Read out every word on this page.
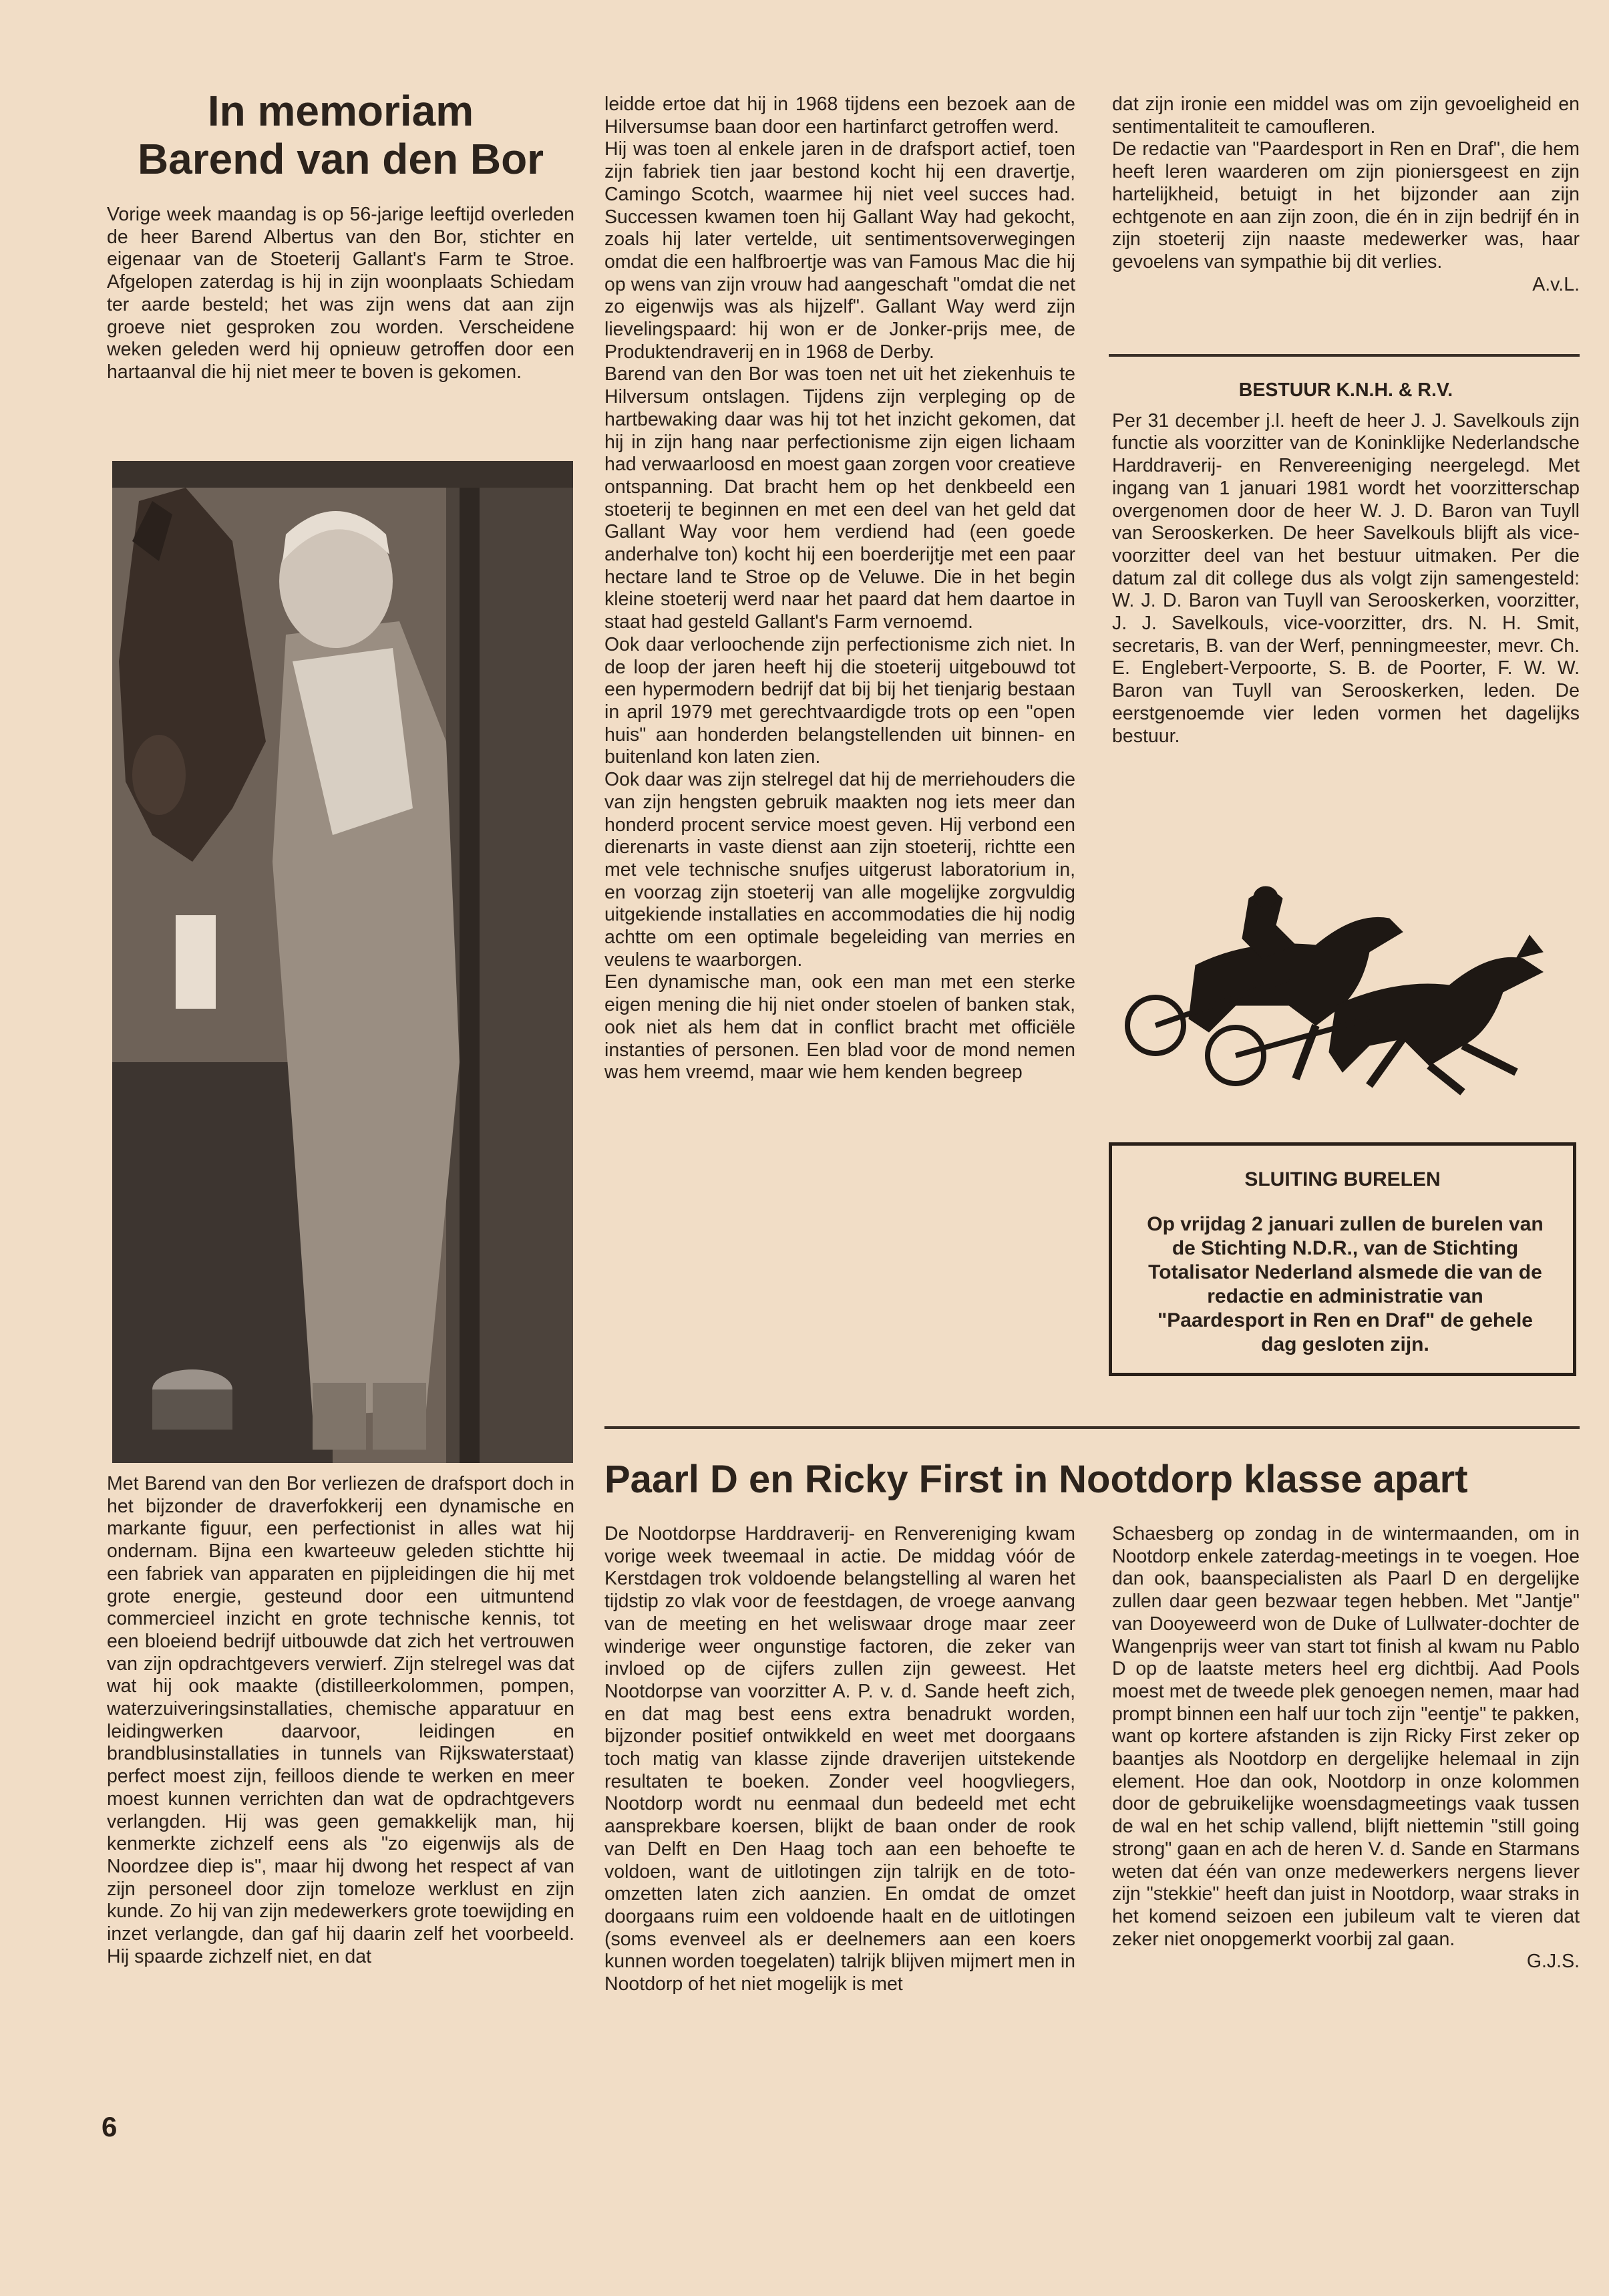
In memoriam
Barend van den Bor

Vorige week maandag is op 56-jarige leeftijd overleden de heer Barend Albertus van den Bor, stichter en eigenaar van de Stoeterij Gallant's Farm te Stroe. Afgelopen zaterdag is hij in zijn woonplaats Schiedam ter aarde besteld; het was zijn wens dat aan zijn groeve niet gesproken zou worden. Verscheidene weken geleden werd hij opnieuw getroffen door een hartaanval die hij niet meer te boven is gekomen.

Met Barend van den Bor verliezen de drafsport doch in het bijzonder de draverfokkerij een dynamische en markante figuur, een perfectionist in alles wat hij ondernam. Bijna een kwarteeuw geleden stichtte hij een fabriek van apparaten en pijpleidingen die hij met grote energie, gesteund door een uitmuntend commercieel inzicht en grote technische kennis, tot een bloeiend bedrijf uitbouwde dat zich het vertrouwen van zijn opdrachtgevers verwierf. Zijn stelregel was dat wat hij ook maakte (distilleerkolommen, pompen, waterzuiveringsinstallaties, chemische apparatuur en leidingwerken daarvoor, leidingen en brandblusinstallaties in tunnels van Rijkswaterstaat) perfect moest zijn, feilloos diende te werken en meer moest kunnen verrichten dan wat de opdrachtgevers verlangden. Hij was geen gemakkelijk man, hij kenmerkte zichzelf eens als "zo eigenwijs als de Noordzee diep is", maar hij dwong het respect af van zijn personeel door zijn tomeloze werklust en zijn kunde. Zo hij van zijn medewerkers grote toewijding en inzet verlangde, dan gaf hij daarin zelf het voorbeeld. Hij spaarde zichzelf niet, en dat

leidde ertoe dat hij in 1968 tijdens een bezoek aan de Hilversumse baan door een hartinfarct getroffen werd.

Hij was toen al enkele jaren in de drafsport actief, toen zijn fabriek tien jaar bestond kocht hij een dravertje, Camingo Scotch, waarmee hij niet veel succes had. Successen kwamen toen hij Gallant Way had gekocht, zoals hij later vertelde, uit sentimentsoverwegingen omdat die een halfbroertje was van Famous Mac die hij op wens van zijn vrouw had aangeschaft "omdat die net zo eigenwijs was als hijzelf". Gallant Way werd zijn lievelingspaard: hij won er de Jonker-prijs mee, de Produktendraverij en in 1968 de Derby.

Barend van den Bor was toen net uit het ziekenhuis te Hilversum ontslagen. Tijdens zijn verpleging op de hartbewaking daar was hij tot het inzicht gekomen, dat hij in zijn hang naar perfectionisme zijn eigen lichaam had verwaarloosd en moest gaan zorgen voor creatieve ontspanning. Dat bracht hem op het denkbeeld een stoeterij te beginnen en met een deel van het geld dat Gallant Way voor hem verdiend had (een goede anderhalve ton) kocht hij een boerderijtje met een paar hectare land te Stroe op de Veluwe. Die in het begin kleine stoeterij werd naar het paard dat hem daartoe in staat had gesteld Gallant's Farm vernoemd.

Ook daar verloochende zijn perfectionisme zich niet. In de loop der jaren heeft hij die stoeterij uitgebouwd tot een hypermodern bedrijf dat bij bij het tienjarig bestaan in april 1979 met gerechtvaardigde trots op een "open huis" aan honderden belangstellenden uit binnen- en buitenland kon laten zien.

Ook daar was zijn stelregel dat hij de merriehouders die van zijn hengsten gebruik maakten nog iets meer dan honderd procent service moest geven. Hij verbond een dierenarts in vaste dienst aan zijn stoeterij, richtte een met vele technische snufjes uitgerust laboratorium in, en voorzag zijn stoeterij van alle mogelijke zorgvuldig uitgekiende installaties en accommodaties die hij nodig achtte om een optimale begeleiding van merries en veulens te waarborgen.

Een dynamische man, ook een man met een sterke eigen mening die hij niet onder stoelen of banken stak, ook niet als hem dat in conflict bracht met officiële instanties of personen. Een blad voor de mond nemen was hem vreemd, maar wie hem kenden begreep

dat zijn ironie een middel was om zijn gevoeligheid en sentimentaliteit te camoufleren.

De redactie van "Paardesport in Ren en Draf", die hem heeft leren waarderen om zijn pioniersgeest en zijn hartelijkheid, betuigt in het bijzonder aan zijn echtgenote en aan zijn zoon, die én in zijn bedrijf én in zijn stoeterij zijn naaste medewerker was, haar gevoelens van sympathie bij dit verlies.

A.v.L.

BESTUUR K.N.H. & R.V.

Per 31 december j.l. heeft de heer J. J. Savelkouls zijn functie als voorzitter van de Koninklijke Nederlandsche Harddraverij- en Renvereeniging neergelegd. Met ingang van 1 januari 1981 wordt het voorzitterschap overgenomen door de heer W. J. D. Baron van Tuyll van Serooskerken. De heer Savelkouls blijft als vice-voorzitter deel van het bestuur uitmaken. Per die datum zal dit college dus als volgt zijn samengesteld: W. J. D. Baron van Tuyll van Serooskerken, voorzitter, J. J. Savelkouls, vice-voorzitter, drs. N. H. Smit, secretaris, B. van der Werf, penningmeester, mevr. Ch. E. Englebert-Verpoorte, S. B. de Poorter, F. W. W. Baron van Tuyll van Serooskerken, leden. De eerstgenoemde vier leden vormen het dagelijks bestuur.

SLUITING BURELEN
Op vrijdag 2 januari zullen de burelen van de Stichting N.D.R., van de Stichting Totalisator Nederland alsmede die van de redactie en administratie van "Paardesport in Ren en Draf" de gehele dag gesloten zijn.
Paarl D en Ricky First in Nootdorp klasse apart

De Nootdorpse Harddraverij- en Renvereniging kwam vorige week tweemaal in actie. De middag vóór de Kerstdagen trok voldoende belangstelling al waren het tijdstip zo vlak voor de feestdagen, de vroege aanvang van de meeting en het weliswaar droge maar zeer winderige weer ongunstige factoren, die zeker van invloed op de cijfers zullen zijn geweest. Het Nootdorpse van voorzitter A. P. v. d. Sande heeft zich, en dat mag best eens extra benadrukt worden, bijzonder positief ontwikkeld en weet met doorgaans toch matig van klasse zijnde draverijen uitstekende resultaten te boeken. Zonder veel hoogvliegers, Nootdorp wordt nu eenmaal dun bedeeld met echt aansprekbare koersen, blijkt de baan onder de rook van Delft en Den Haag toch aan een behoefte te voldoen, want de uitlotingen zijn talrijk en de toto-omzetten laten zich aanzien. En omdat de omzet doorgaans ruim een voldoende haalt en de uitlotingen (soms evenveel als er deelnemers aan een koers kunnen worden toegelaten) talrijk blijven mijmert men in Nootdorp of het niet mogelijk is met

Schaesberg op zondag in de wintermaanden, om in Nootdorp enkele zaterdag-meetings in te voegen. Hoe dan ook, baanspecialisten als Paarl D en dergelijke zullen daar geen bezwaar tegen hebben. Met "Jantje" van Dooyeweerd won de Duke of Lullwater-dochter de Wangenprijs weer van start tot finish al kwam nu Pablo D op de laatste meters heel erg dichtbij. Aad Pools moest met de tweede plek genoegen nemen, maar had prompt binnen een half uur toch zijn "eentje" te pakken, want op kortere afstanden is zijn Ricky First zeker op baantjes als Nootdorp en dergelijke helemaal in zijn element. Hoe dan ook, Nootdorp in onze kolommen door de gebruikelijke woensdagmeetings vaak tussen de wal en het schip vallend, blijft niettemin "still going strong" gaan en ach de heren V. d. Sande en Starmans weten dat één van onze medewerkers nergens liever zijn "stekkie" heeft dan juist in Nootdorp, waar straks in het komend seizoen een jubileum valt te vieren dat zeker niet onopgemerkt voorbij zal gaan.

G.J.S.

6
